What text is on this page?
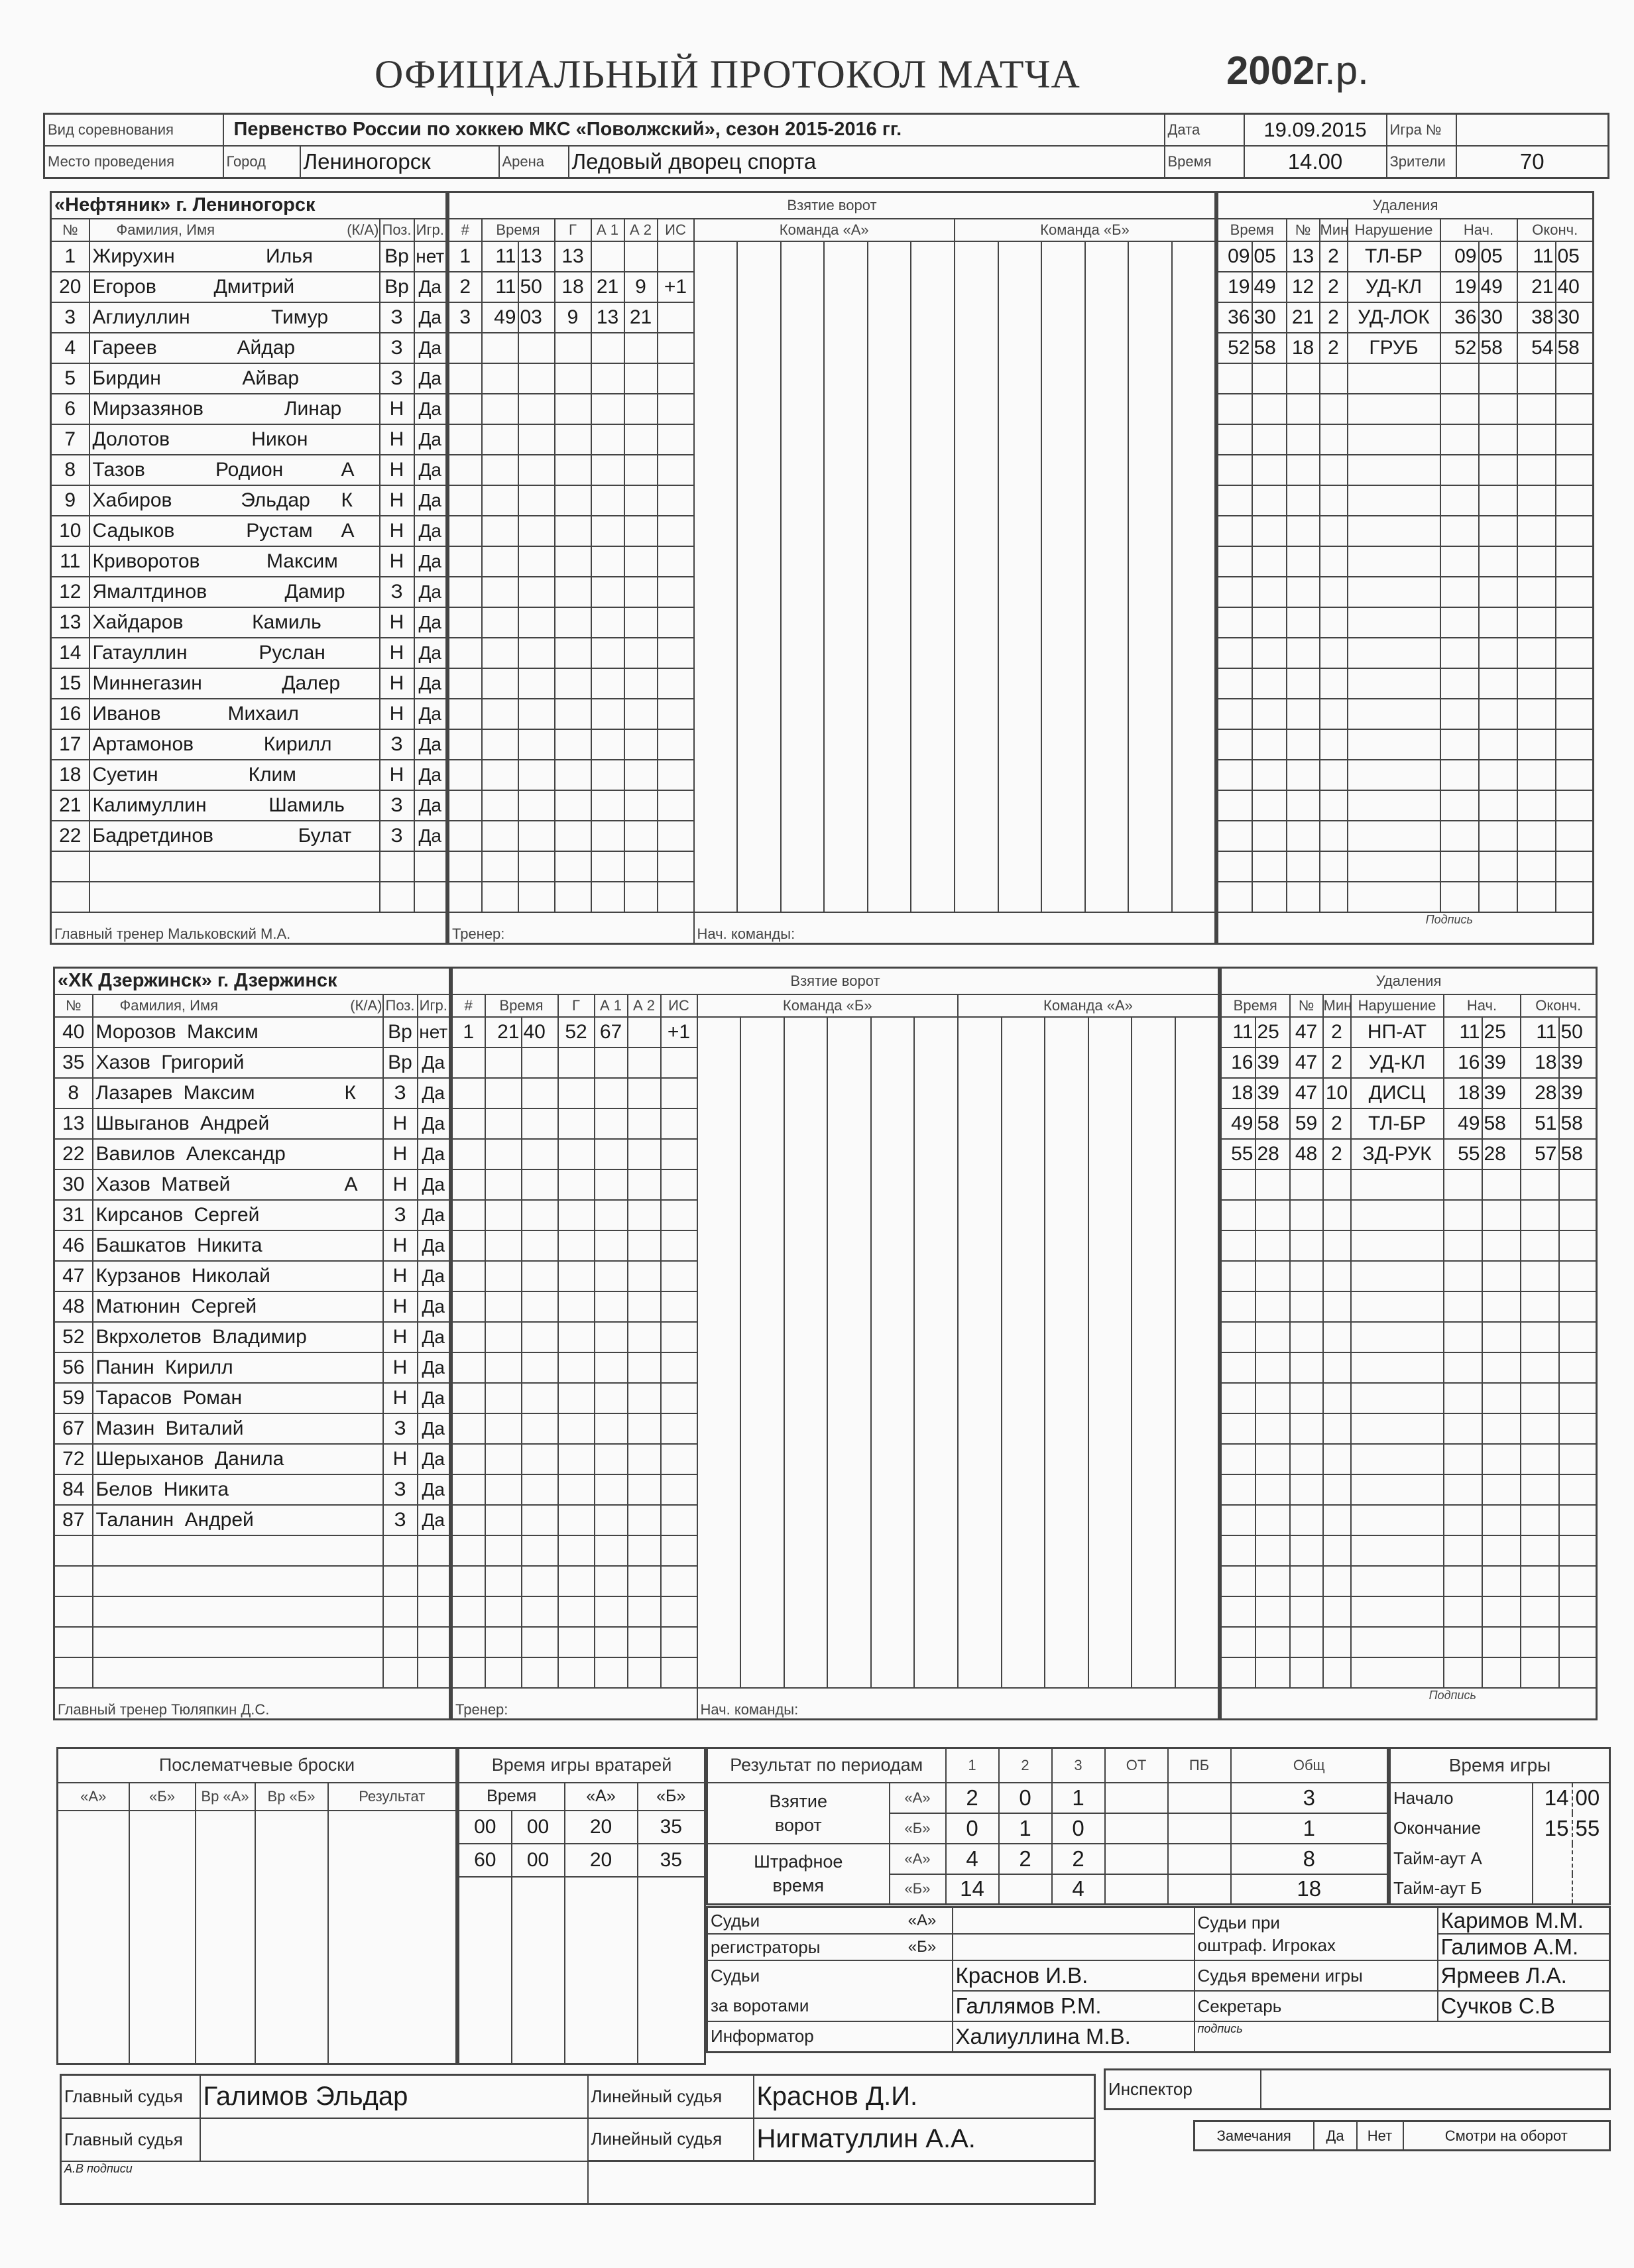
ОФИЦИАЛЬНЫЙ ПРОТОКОЛ МАТЧА	2002г.р.
Вид соревнования	Первенство России по хоккею МКС «Поволжский», сезон 2015-2016 гг.	Дата	19.09.2015	Игра №	
Место проведения		Город	Лениногорск	Арена	Ледовый дворец спорта
		Время	14.00	Зрители	70
«Нефтяник» г. Лениногорск				
№	Фамилия, Имя	(К/А)	Поз.	Игр.
1	Жирухин Илья		Вр	нет
20	Егоров Дмитрий		Вр	Да
3	Аглиуллин Тимур		З	Да
4	Гареев Айдар		З	Да
5	Бирдин Айвар		З	Да
6	Мирзазянов Линар		Н	Да
7	Долотов Никон		Н	Да
8	Тазов Родион	А	Н	Да
9	Хабиров Эльдар	К	Н	Да
10	Садыков Рустам	А	Н	Да
11	Криворотов Максим		Н	Да
12	Ямалтдинов Дамир		З	Да
13	Хайдаров Камиль		Н	Да
14	Гатауллин Руслан		Н	Да
15	Миннегазин Далер		Н	Да
16	Иванов Михаил		Н	Да
17	Артамонов Кирилл		З	Да
18	Суетин Клим		Н	Да
21	Калимуллин Шамиль		З	Да
22	Бадретдинов Булат		З	Да

Главный тренер Мальковский М.А.				
Взятие ворот																		
#	Время		Г	А 1	А 2	ИС	Команда «А»						Команда «Б»					
1	11	13	13															
2	11	50	18	21	9	+1												
3	49	03	9	13	21													

Тренер:							Нач. команды:											
Удаления								
Время		№	Мин	Нарушение	Нач.		Оконч.	
09	05	13	2	ТЛ-БР	09	05	11	05
19	49	12	2	УД-КЛ	19	49	21	40
36	30	21	2	УД-ЛОК	36	30	38	30
52	58	18	2	ГРУБ	52	58	54	58

Подпись								
«ХК Дзержинск» г. Дзержинск				
№	Фамилия, Имя	(К/А)	Поз.	Игр.
40	Морозов Максим		Вр	нет
35	Хазов Григорий		Вр	Да
8	Лазарев Максим	К	З	Да
13	Швыганов Андрей		Н	Да
22	Вавилов Александр		Н	Да
30	Хазов Матвей	А	Н	Да
31	Кирсанов Сергей		З	Да
46	Башкатов Никита		Н	Да
47	Курзанов Николай		Н	Да
48	Матюнин Сергей		Н	Да
52	Вкрхолетов Владимир		Н	Да
56	Панин Кирилл		Н	Да
59	Тарасов Роман		Н	Да
67	Мазин Виталий		З	Да
72	Шерыханов Данила		Н	Да
84	Белов Никита		З	Да
87	Таланин Андрей		З	Да

Главный тренер Тюляпкин Д.С.				
Взятие ворот																		
#	Время		Г	А 1	А 2	ИС	Команда «Б»						Команда «А»					
1	21	40	52	67		+1												

Тренер:							Нач. команды:											
Удаления								
Время		№	Мин	Нарушение	Нач.		Оконч.	
11	25	47	2	НП-АТ	11	25	11	50
16	39	47	2	УД-КЛ	16	39	18	39
18	39	47	10	ДИСЦ	18	39	28	39
49	58	59	2	ТЛ-БР	49	58	51	58
55	28	48	2	ЗД-РУК	55	28	57	58

Подпись								
Послематчевые броски				
«А»	«Б»	Вр «А»	Вр «Б»	Результат

Время игры вратарей			
Время		«А»	«Б»
00	00	20	35
60	00	20	35

Результат по периодам		1	2	3	ОТ	ПБ	Общ
Взятие
ворот	«А»	2	0	1			3
	«Б»	0	1	0			1
Штрафное
время	«А»	4	2	2			8
	«Б»	14		4			18
Время игры		
Начало	14	00
Окончание	15	55
Тайм-аут А		
Тайм-аут Б		
Судьи	«А»		Судьи при
оштраф. Игроках	Каримов М.М.
регистраторы	«Б»			Галимов А.М.
Судьи		Краснов И.В.	Судья времени игры	Ярмеев Л.А.
за воротами		Галлямов Р.М.	Секретарь	Сучков С.В
Информатор		Халиуллина М.В.	подпись	
Главный судья	Галимов Эльдар	Линейный судья	Краснов Д.И.
Главный судья		Линейный судья	Нигматуллин А.А.
А.В подписи			
Инспектор	
Замечания	Да	Нет	Смотри на оборот
